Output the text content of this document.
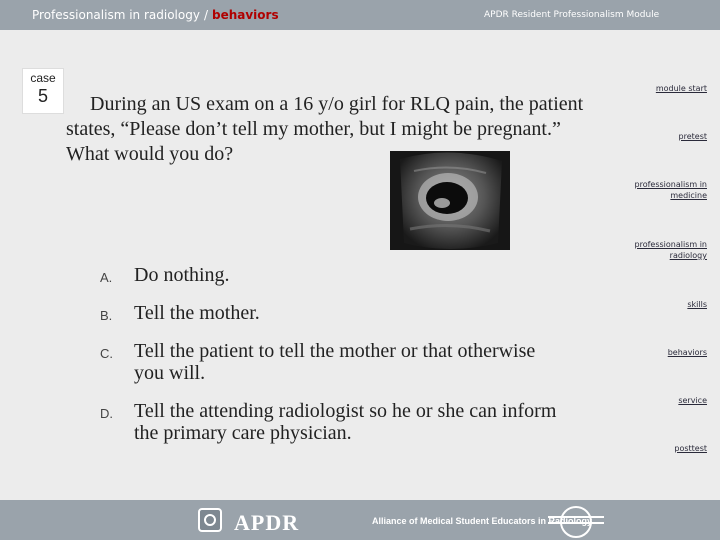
Professionalism in radiology / behaviors	APDR Resident Professionalism Module
case
5	During an US exam on a 16 y/o girl for RLQ pain, the patient states, “Please don’t tell my mother, but I might be pregnant.” What would you do?
A. Do nothing.
B. Tell the mother.
C. Tell the patient to tell the mother or that otherwise you will.
D. Tell the attending radiologist so he or she can inform the primary care physician.
module start
pretest
professionalism in medicine
professionalism in radiology
skills
behaviors
service
posttest
APDR	Alliance of Medical Student Educators in Radiology
